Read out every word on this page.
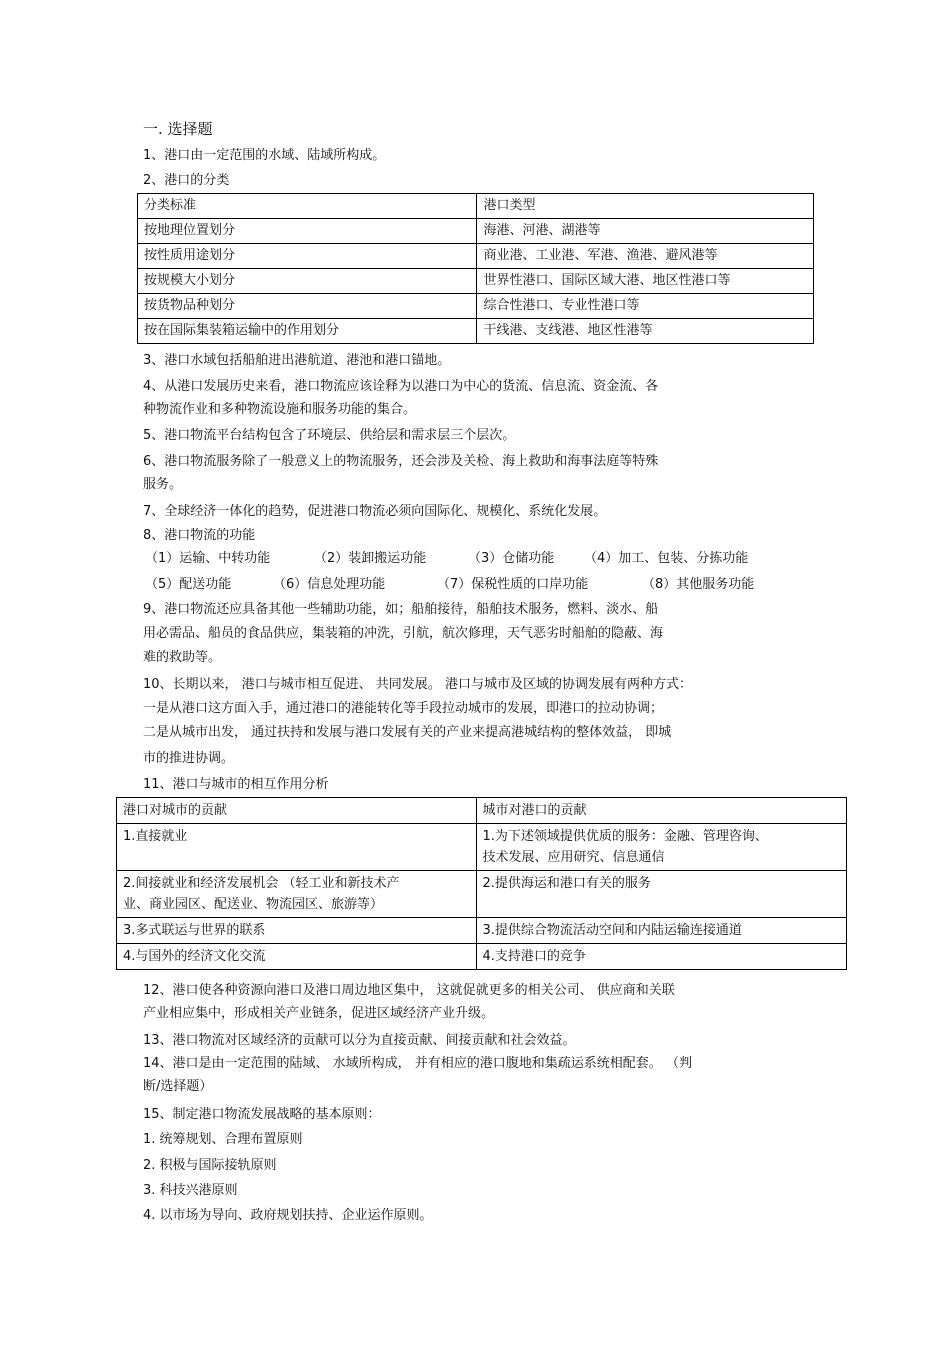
一. 选择题
1、港口由一定范围的水域、陆域所构成。
2、港口的分类
分类标准	港口类型
按地理位置划分	海港、河港、湖港等
按性质用途划分	商业港、工业港、军港、渔港、避风港等
按规模大小划分	世界性港口、国际区域大港、地区性港口等
按货物品种划分	综合性港口、专业性港口等
按在国际集装箱运输中的作用划分	干线港、支线港、地区性港等
3、港口水域包括船舶进出港航道、港池和港口锚地。
4、从港口发展历史来看，港口物流应该诠释为以港口为中心的货流、信息流、资金流、各
种物流作业和多种物流设施和服务功能的集合。
5、港口物流平台结构包含了环境层、供给层和需求层三个层次。
6、港口物流服务除了一般意义上的物流服务，还会涉及关检、海上救助和海事法庭等特殊
服务。
7、全球经济一体化的趋势，促进港口物流必须向国际化、规模化、系统化发展。
8、港口物流的功能
（1）运输、中转功能	（2）装卸搬运功能	（3）仓储功能 （4）加工、包装、分拣功能
（5）配送功能	（6）信息处理功能	（7）保税性质的口岸功能	（8）其他服务功能
9、港口物流还应具备其他一些辅助功能，如；船舶接待，船舶技术服务，燃料、淡水、船
用必需品、船员的食品供应，集装箱的冲洗，引航，航次修理，天气恶劣时船舶的隐蔽、海
难的救助等。
10、长期以来， 港口与城市相互促进、 共同发展。 港口与城市及区域的协调发展有两种方式：
一是从港口这方面入手，通过港口的港能转化等手段拉动城市的发展，即港口的拉动协调；
二是从城市出发， 通过扶持和发展与港口发展有关的产业来提高港城结构的整体效益， 即城
市的推进协调。
11、港口与城市的相互作用分析
港口对城市的贡献	城市对港口的贡献

1.直接就业	1.为下述领域提供优质的服务：金融、管理咨询、
技术发展、应用研究、信息通信

2.间接就业和经济发展机会 （轻工业和新技术产
业、商业园区、配送业、物流园区、旅游等）	2.提供海运和港口有关的服务

3.多式联运与世界的联系	3.提供综合物流活动空间和内陆运输连接通道

4.与国外的经济文化交流	4.支持港口的竞争
12、港口使各种资源向港口及港口周边地区集中， 这就促就更多的相关公司、 供应商和关联
产业相应集中，形成相关产业链条，促进区域经济产业升级。
13、港口物流对区域经济的贡献可以分为直接贡献、间接贡献和社会效益。
14、港口是由一定范围的陆域、 水域所构成， 并有相应的港口腹地和集疏运系统相配套。 （判
断/选择题）
15、制定港口物流发展战略的基本原则：
1. 统筹规划、合理布置原则
2. 积极与国际接轨原则
3. 科技兴港原则
4. 以市场为导向、政府规划扶持、企业运作原则。
